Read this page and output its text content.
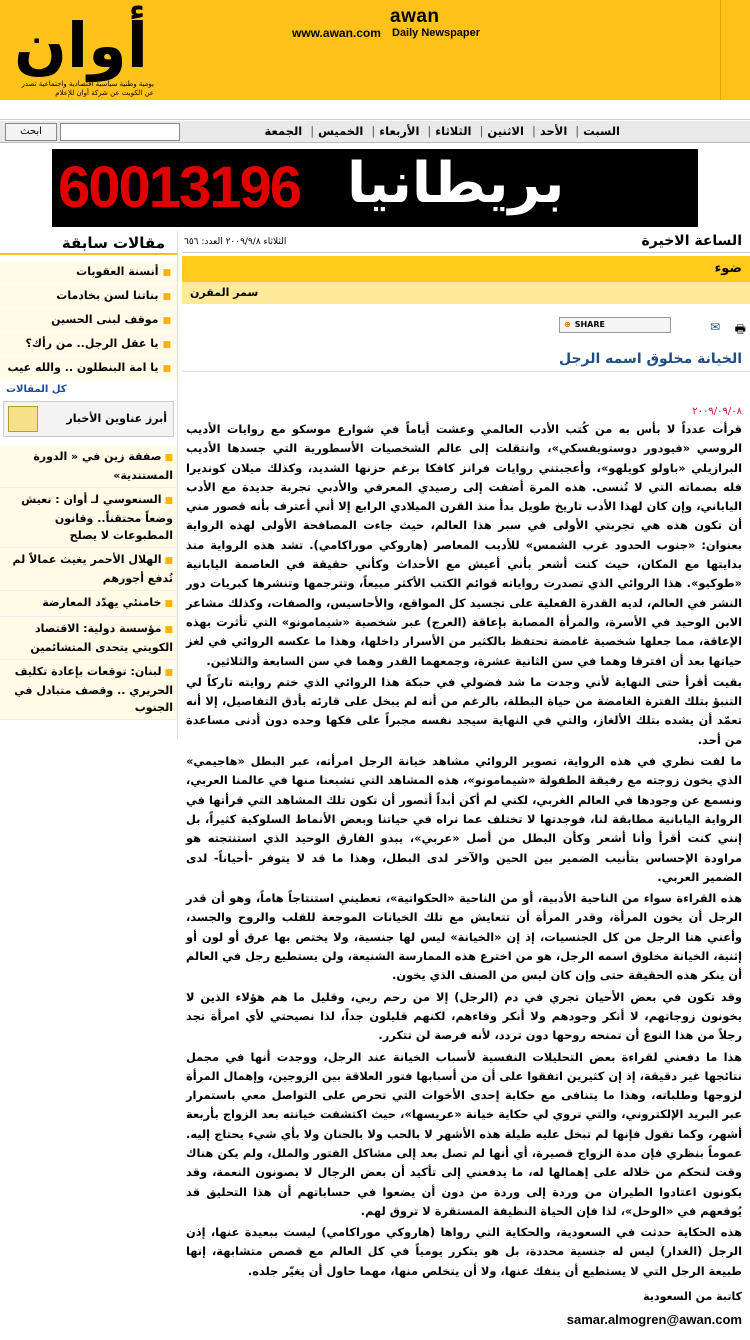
أوان
يومية وطنية سياسية اقتصادية واجتماعية تصدر عن الكويت عن شركة أوان للإعلام
www.awan.com
awan
Daily Newspaper
ابحث	السبت| الأحد| الاثنين| الثلاثاء| الأربعاء| الخميس| الجمعة
60013196 بريطانيا
مقالات سابقة
■أنسنة العقوبات
■بناتنا لسن بخادمات
■موقف لبنى الحسين
■يا عقل الرجل.. من رأك؟
■يا امة البنطلون .. والله عيب
كل المقالات
أبرز عناوين الأخبار
■صفقة زين في « الدورة المستندية»
■السنعوسي لـ أوان : نعيش وضعاً محتقناً.. وقانون المطبوعات لا يصلح
■الهلال الأحمر يغيث عمالاً لم تُدفع أجورهم
■خامنئي يهدّد المعارضة
■مؤسسة دولية: الاقتصاد الكويتي يتحدى المتشائمين
■لبنان: توقعات بإعادة تكليف الحريري .. وقصف متبادل في الجنوب
الساعة الاخيرة
الثلاثاء ٢٠٠٩/٩/٨ العدد: ٦٥٦
ضوء
سمر المقرن
⊕ SHARE	🖶
✉
الخيانة مخلوق اسمه الرجل
٢٠٠٩/٠٩/٠٨

قرأت عدداً لا بأس به من كُتب الأدب العالمي وعشت أياماً في شوارع موسكو مع روايات الأديب الروسي «فيودور دوستويفسكي»، وانتقلت إلى عالم الشخصيات الأسطورية التي جسدها الأديب البرازيلي «باولو كويلهو»، وأعجبتني روايات فرانز كافكا برغم حزنها الشديد، وكذلك ميلان كونديرا فله بصماته التي لا تُنسى. هذه المرة أضفت إلى رصيدي المعرفي والأدبي تجربة جديدة مع الأدب الياباني، وإن كان لهذا الأدب تاريخ طويل بدأ منذ القرن الميلادي الرابع إلا أني أعترف بأنه قصور مني أن تكون هذه هي تجربتي الأولى في سبر هذا العالم، حيث جاءت المصافحة الأولى لهذه الرواية بعنوان: «جنوب الحدود غرب الشمس» للأديب المعاصر (هاروكي موراكامي). تشد هذه الرواية منذ بدايتها مع المكان، حيث كنت أشعر بأني أعيش مع الأحداث وكأني حقيقة في العاصمة اليابانية «طوكيو». هذا الروائي الذي تصدرت رواياته قوائم الكتب الأكثر مبيعاً، وتترجمها وتنشرها كبريات دور النشر في العالم، لديه القدرة الفعلية على تجسيد كل المواقع، والأحاسيس، والصفات، وكذلك مشاعر الابن الوحيد في الأسرة، والمرأة المصابة بإعاقة (العرج) عبر شخصية «شيمامونو» التي تأثرت بهذه الإعاقة، مما جعلها شخصية غامضة تحتفظ بالكثير من الأسرار داخلها، وهذا ما عكسه الروائي في لغز حياتها بعد أن افترقا وهما في سن الثانية عشرة، وجمعهما القدر وهما في سن السابعة والثلاثين.

بقيت أقرأ حتى النهاية لأني وجدت ما شد فضولي في حبكة هذا الروائي الذي ختم روايته تاركاً لي التنبؤ بتلك الفترة الغامضة من حياة البطلة، بالرغم من أنه لم يبخل على قارئه بأدق التفاصيل، إلا أنه تعمّد أن يشده بتلك الألغاز، والتي في النهاية سيجد نفسه مجبراً على فكها وحده دون أدنى مساعدة من أحد.

ما لفت نظري في هذه الرواية، تصوير الروائي مشاهد خيانة الرجل امرأته، عبر البطل «هاجيمي» الذي يخون زوجته مع رفيقة الطفولة «شيمامونو»، هذه المشاهد التي تشبعنا منها في عالمنا العربي، ونسمع عن وجودها في العالم الغربي، لكني لم أكن أبداً أتصور أن تكون تلك المشاهد التي قرأتها في الرواية اليابانية مطابقة لنا، فوجدتها لا تختلف عما نراه في حياتنا وبعض الأنماط السلوكية كثيراً، بل إنني كنت أقرأ وأنا أشعر وكأن البطل من أصل «عربي»، يبدو الفارق الوحيد الذي استنتجته هو مراودة الإحساس بتأنيب الضمير بين الحين والآخر لدى البطل، وهذا ما قد لا يتوفر -أحياناً- لدى الضمير العربي.

هذه القراءة سواء من الناحية الأدبية، أو من الناحية «الحكواتية»، تعطيني استنتاجاً هاماً، وهو أن قدر الرجل أن يخون المرأة، وقدر المرأة أن تتعايش مع تلك الخيانات الموجعة للقلب والروح والجسد، وأعني هنا الرجل من كل الجنسيات، إذ إن «الخيانة» ليس لها جنسية، ولا يختص بها عرق أو لون أو إثنية، الخيانة مخلوق اسمه الرجل، هو من اخترع هذه الممارسة الشنيعة، ولن يستطيع رجل في العالم أن ينكر هذه الحقيقة حتى وإن كان ليس من الصنف الذي يخون.

وقد تكون في بعض الأحيان تجري في دم (الرجل) إلا من رحم ربي، وقليل ما هم هؤلاء الذين لا يخونون زوجاتهم، لا أنكر وجودهم ولا أنكر وفاءهم، لكنهم قليلون جداً، لذا نصيحتي لأي امرأة تجد رجلاً من هذا النوع أن تمنحه روحها دون تردد، لأنه فرصة لن تتكرر.

هذا ما دفعني لقراءة بعض التحليلات النفسية لأسباب الخيانة عند الرجل، ووجدت أنها في مجمل نتائجها غير دقيقة، إذ إن كثيرين اتفقوا على أن من أسبابها فتور العلاقة بين الزوجين، وإهمال المرأة لزوجها وطلباته، وهذا ما يتنافى مع حكاية إحدى الأخوات التي تحرص على التواصل معي باستمرار عبر البريد الإلكتروني، والتي تروي لي حكاية خيانة «عريسها»، حيث اكتشفت خيانته بعد الزواج بأربعة أشهر، وكما تقول فإنها لم تبخل عليه طيلة هذه الأشهر لا بالحب ولا بالحنان ولا بأي شيء يحتاج إليه. عموماً بنظري فإن مدة الزواج قصيرة، أي أنها لم تصل بعد إلى مشاكل الفتور والملل، ولم يكن هناك وقت لنحكم من خلاله على إهمالها له، ما يدفعني إلى تأكيد أن بعض الرجال لا يصونون النعمة، وقد يكونون اعتادوا الطيران من وردة إلى وردة من دون أن يضعوا في حساباتهم أن هذا التحليق قد يُوقعهم في «الوحل»، لذا فإن الحياة النظيفة المستقرة لا تروق لهم.

هذه الحكاية حدثت في السعودية، والحكاية التي رواها (هاروكي موراكامي) ليست ببعيدة عنها، إذن الرجل (الغدار) ليس له جنسية محددة، بل هو يتكرر يومياً في كل العالم مع قصص متشابهة، إنها طبيعة الرجل التي لا يستطيع أن ينفك عنها، ولا أن يتخلص منها، مهما حاول أن يغيّر جلده.

كاتبة من السعودية
samar.almogren@awan.com
